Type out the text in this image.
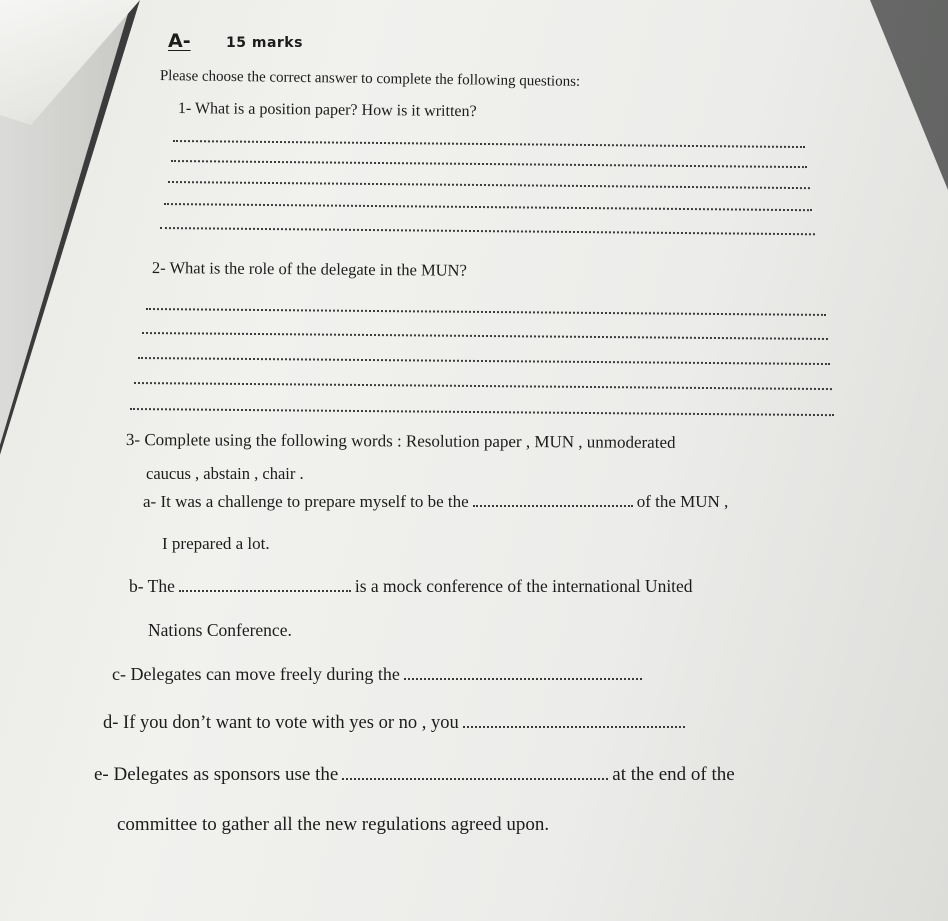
A-	15 marks
Please choose the correct answer to complete the following questions:
1- What is a position paper? How is it written?
2- What is the role of the delegate in the MUN?
3- Complete using the following words : Resolution paper , MUN , unmoderated
caucus , abstain , chair .
a- It was a challenge to prepare myself to be the	of the MUN ,
I prepared a lot.
b- The	is a mock conference of the international United
Nations Conference.
c- Delegates can move freely during the
d- If you don’t want to vote with yes or no , you
e- Delegates as sponsors use the	at the end of the
committee to gather all the new regulations agreed upon.
